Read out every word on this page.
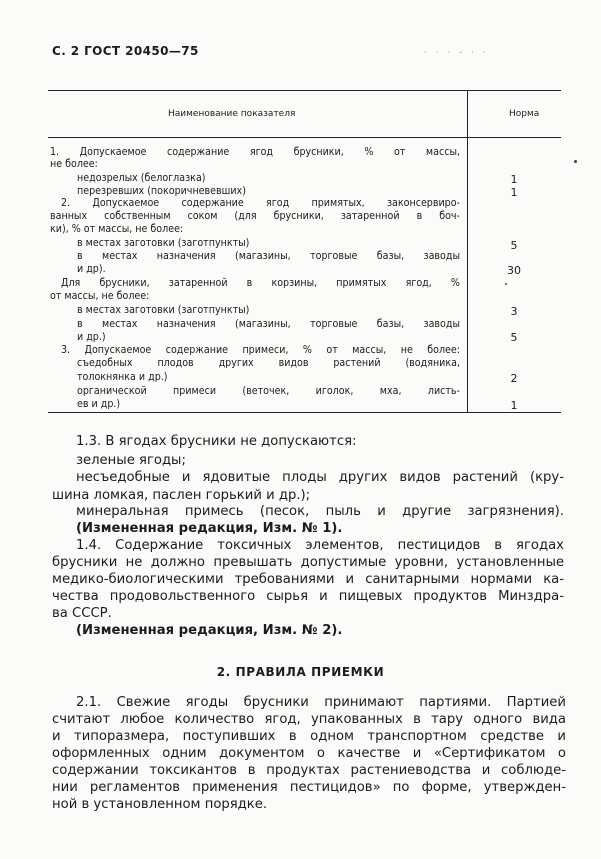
С. 2 ГОСТ 20450—75	· · · - · ·
Наименование показателя	Норма
1. Допускаемое содержание ягод брусники, % от массы,
не более:
недозрелых (белоглазка)
перезревших (покоричневевших)
2. Допускаемое содержание ягод примятых, законсервиро-
ванных собственным соком (для брусники, затаренной в боч-
ки), % от массы, не более:
в местах заготовки (заготпункты)
в местах назначения (магазины, торговые базы, заводы
и др).
Для брусники, затаренной в корзины, примятых ягод, %
от массы, не более:
в местах заготовки (заготпункты)
в местах назначения (магазины, торговые базы, заводы
и др.)
3. Допускаемое содержание примеси, % от массы, не более:
съедобных плодов других видов растений (водяника,
толокнянка и др.)
органической примеси (веточек, иголок, мха, листь-
ев и др.)
1
1
5
30
3
5
2
1
1.3. В ягодах брусники не допускаются:
зеленые ягоды;
несъедобные и ядовитые плоды других видов растений (кру-
шина ломкая, паслен горький и др.);
минеральная примесь (песок, пыль и другие загрязнения).
(Измененная редакция, Изм. № 1).
1.4. Содержание токсичных элементов, пестицидов в ягодах
брусники не должно превышать допустимые уровни, установленные
медико-биологическими требованиями и санитарными нормами ка-
чества продовольственного сырья и пищевых продуктов Минздра-
ва СССР.
(Измененная редакция, Изм. № 2).
2. ПРАВИЛА ПРИЕМКИ
2.1. Свежие ягоды брусники принимают партиями. Партией
считают любое количество ягод, упакованных в тару одного вида
и типоразмера, поступивших в одном транспортном средстве и
оформленных одним документом о качестве и «Сертификатом о
содержании токсикантов в продуктах растениеводства и соблюде-
нии регламентов применения пестицидов» по форме, утвержден-
ной в установленном порядке.
